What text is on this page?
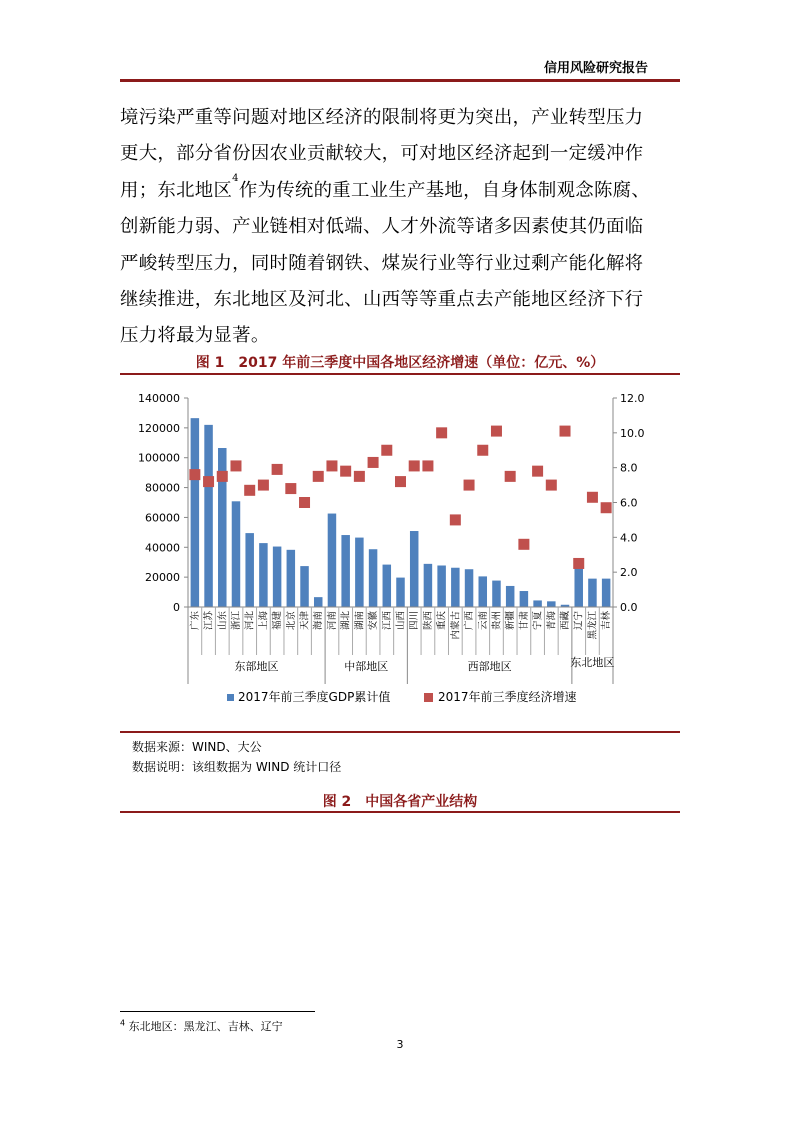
信用风险研究报告
境污染严重等问题对地区经济的限制将更为突出，产业转型压力
更大，部分省份因农业贡献较大，可对地区经济起到一定缓冲作
用；东北地区$^4$作为传统的重工业生产基地，自身体制观念陈腐、
创新能力弱、产业链相对低端、人才外流等诸多因素使其仍面临
严峻转型压力，同时随着钢铁、煤炭行业等行业过剩产能化解将
继续推进，东北地区及河北、山西等等重点去产能地区经济下行
压力将最为显著。
图 1　2017 年前三季度中国各地区经济增速（单位：亿元、%）
0
20000
40000
60000
80000
100000
120000
140000
0.0
2.0
4.0
6.0
8.0
10.0
12.0
东部地区	中部地区	西部地区	东北地区
广东 江苏 山东 浙江 河北 上海 福建 北京 天津 海南 河南 湖北 湖南 安徽 江西 山西 四川 陕西 重庆 内蒙古 广西 云南 贵州 新疆 甘肃 宁夏 青海 西藏 辽宁 黑龙江 吉林
2017年前三季度GDP累计值	2017年前三季度经济增速
数据来源：WIND、大公
数据说明：该组数据为 WIND 统计口径
图 2　中国各省产业结构
$^4$ 东北地区：黑龙江、吉林、辽宁
3
